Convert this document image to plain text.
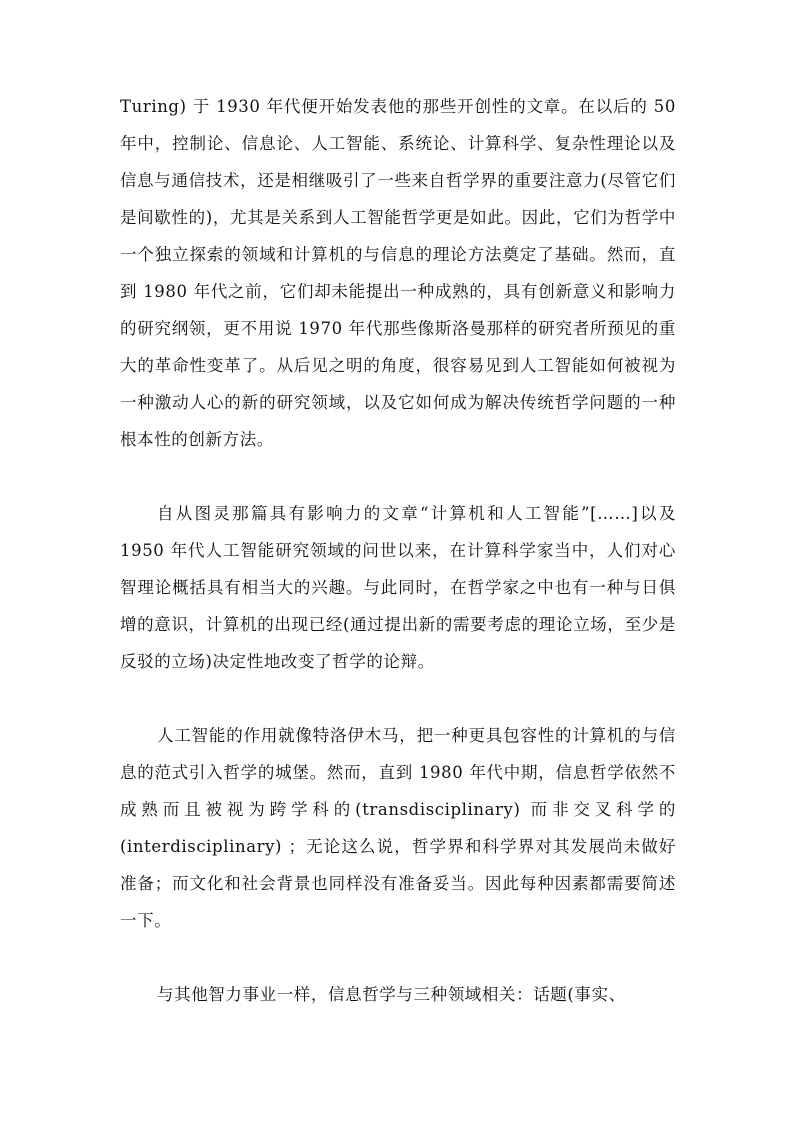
Turing) 于 1930 年代便开始发表他的那些开创性的文章。在以后的 50 年中，控制论、信息论、人工智能、系统论、计算科学、复杂性理论以及信息与通信技术，还是相继吸引了一些来自哲学界的重要注意力(尽管它们是间歇性的)，尤其是关系到人工智能哲学更是如此。因此，它们为哲学中一个独立探索的领域和计算机的与信息的理论方法奠定了基础。然而，直到 1980 年代之前，它们却未能提出一种成熟的，具有创新意义和影响力的研究纲领，更不用说 1970 年代那些像斯洛曼那样的研究者所预见的重大的革命性变革了。从后见之明的角度，很容易见到人工智能如何被视为一种激动人心的新的研究领域，以及它如何成为解决传统哲学问题的一种根本性的创新方法。

自从图灵那篇具有影响力的文章“计算机和人工智能”[……]以及 1950 年代人工智能研究领域的问世以来，在计算科学家当中，人们对心智理论概括具有相当大的兴趣。与此同时，在哲学家之中也有一种与日俱增的意识，计算机的出现已经(通过提出新的需要考虑的理论立场，至少是反驳的立场)决定性地改变了哲学的论辩。

人工智能的作用就像特洛伊木马，把一种更具包容性的计算机的与信息的范式引入哲学的城堡。然而，直到 1980 年代中期，信息哲学依然不成熟而且被视为跨学科的(transdisciplinary) 而非交叉科学的(interdisciplinary) ；无论这么说，哲学界和科学界对其发展尚未做好准备；而文化和社会背景也同样没有准备妥当。因此每种因素都需要简述一下。

与其他智力事业一样，信息哲学与三种领域相关：话题(事实、
